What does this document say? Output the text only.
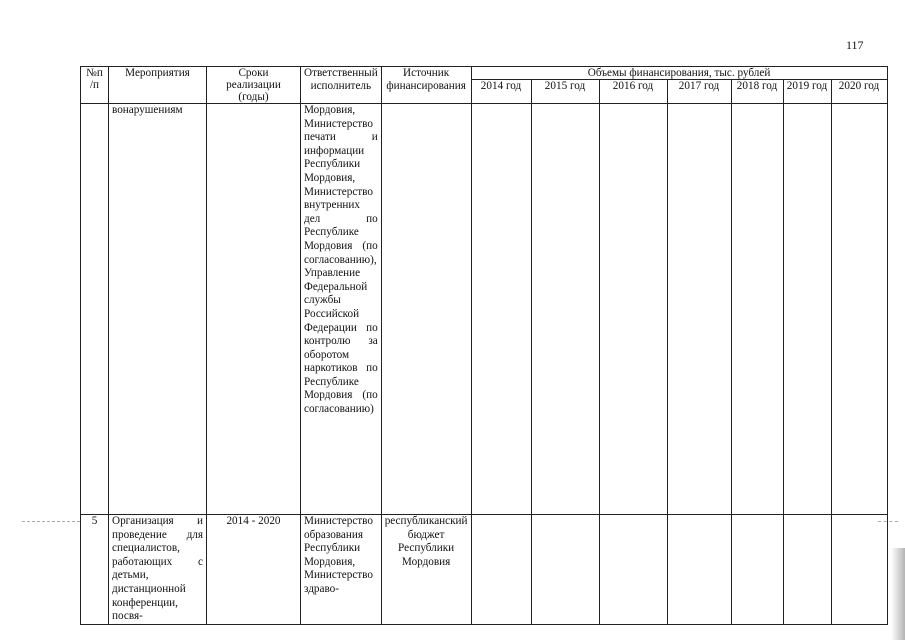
117
№п /п	Мероприятия	Сроки реализации (годы)	Ответственный исполнитель	Источник финансирования	Объемы финансирования, тыс. рублей						
					2014 год	2015 год	2016 год	2017 год	2018 год	2019 год	2020 год
	вонарушениям		Мордовия, Министерство печати и информации Республики Мордовия, Министерство внутренних дел по Республике Мордовия (по согласованию), Управление Федеральной службы Российской Федерации по контролю за оборотом наркотиков по Республике Мордовия (по согласованию)								
5	Организация и проведение для специалистов, работающих с детьми, дистанционной конференции, посвя-	2014 - 2020	Министерство образования Республики Мордовия, Министерство здраво-	республиканский бюджет Республики Мордовия							
